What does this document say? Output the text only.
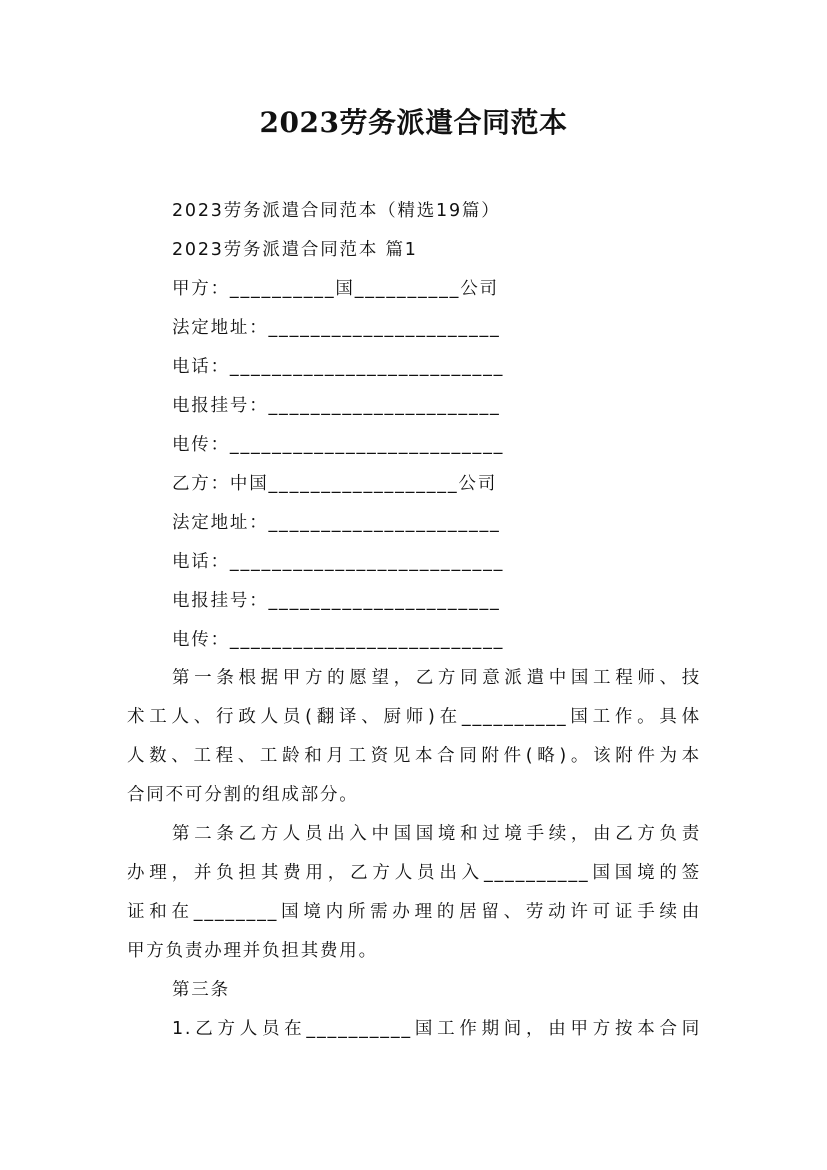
2023劳务派遣合同范本
2023劳务派遣合同范本（精选19篇）
2023劳务派遣合同范本 篇1
甲方：__________国__________公司
法定地址：______________________
电话：__________________________
电报挂号：______________________
电传：__________________________
乙方：中国__________________公司
法定地址：______________________
电话：__________________________
电报挂号：______________________
电传：__________________________
第一条根据甲方的愿望，乙方同意派遣中国工程师、技
术工人、行政人员(翻译、厨师)在__________国工作。具体
人数、工程、工龄和月工资见本合同附件(略)。该附件为本
合同不可分割的组成部分。
第二条乙方人员出入中国国境和过境手续，由乙方负责
办理，并负担其费用，乙方人员出入__________国国境的签
证和在________国境内所需办理的居留、劳动许可证手续由
甲方负责办理并负担其费用。
第三条
1.乙方人员在__________国工作期间，由甲方按本合同
